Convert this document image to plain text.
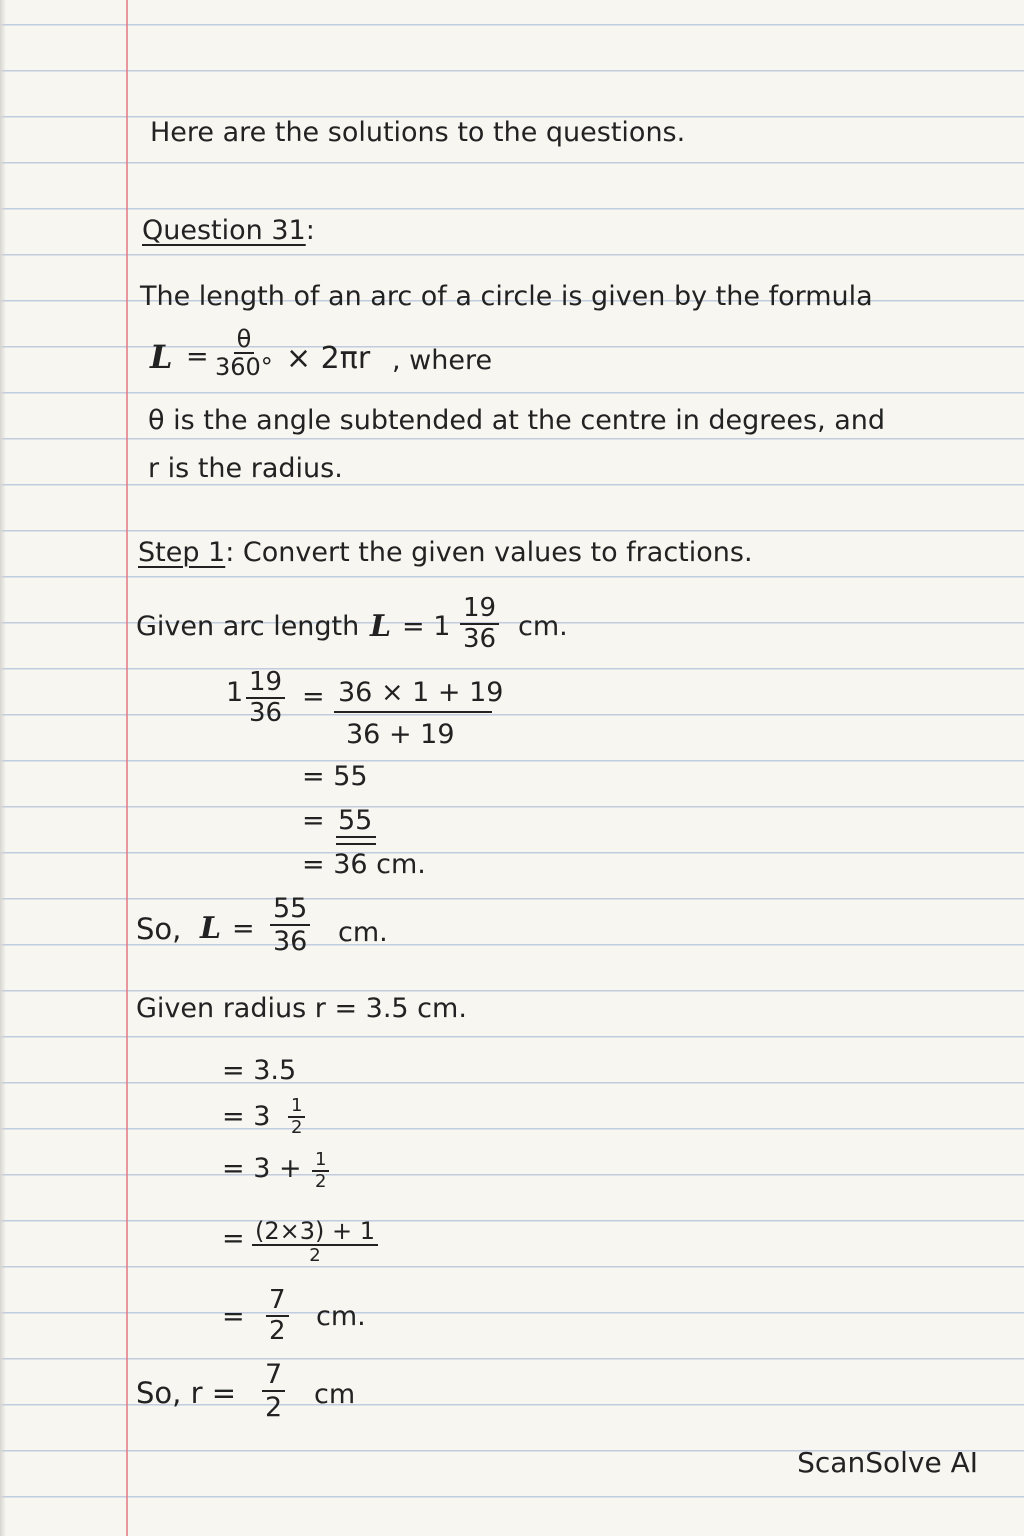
Here are the solutions to the questions.
Question 31:
The length of an arc of a circle is given by the formula
$L = \frac{\theta}{360^\circ} \times 2\pi r$ , where
θ is the angle subtended at the centre in degrees, and
r is the radius.
Step 1: Convert the given values to fractions.
Given arc length $L = 1 \frac{19}{36}$ cm.
$1 \frac{19}{36} = 36 \times 1 + 19$
36 + 19
= 55
= 55
= 36 cm.
So, $L = \frac{55}{36}$ cm.
Given radius r = 3.5 cm.
= 3.5
= $3 \frac{1}{2}$
= $3 + \frac{1}{2}$
= (2×3) + 1
2
= $\frac{7}{2}$ cm.
So, $r = \frac{7}{2}$ cm
ScanSolve AI
